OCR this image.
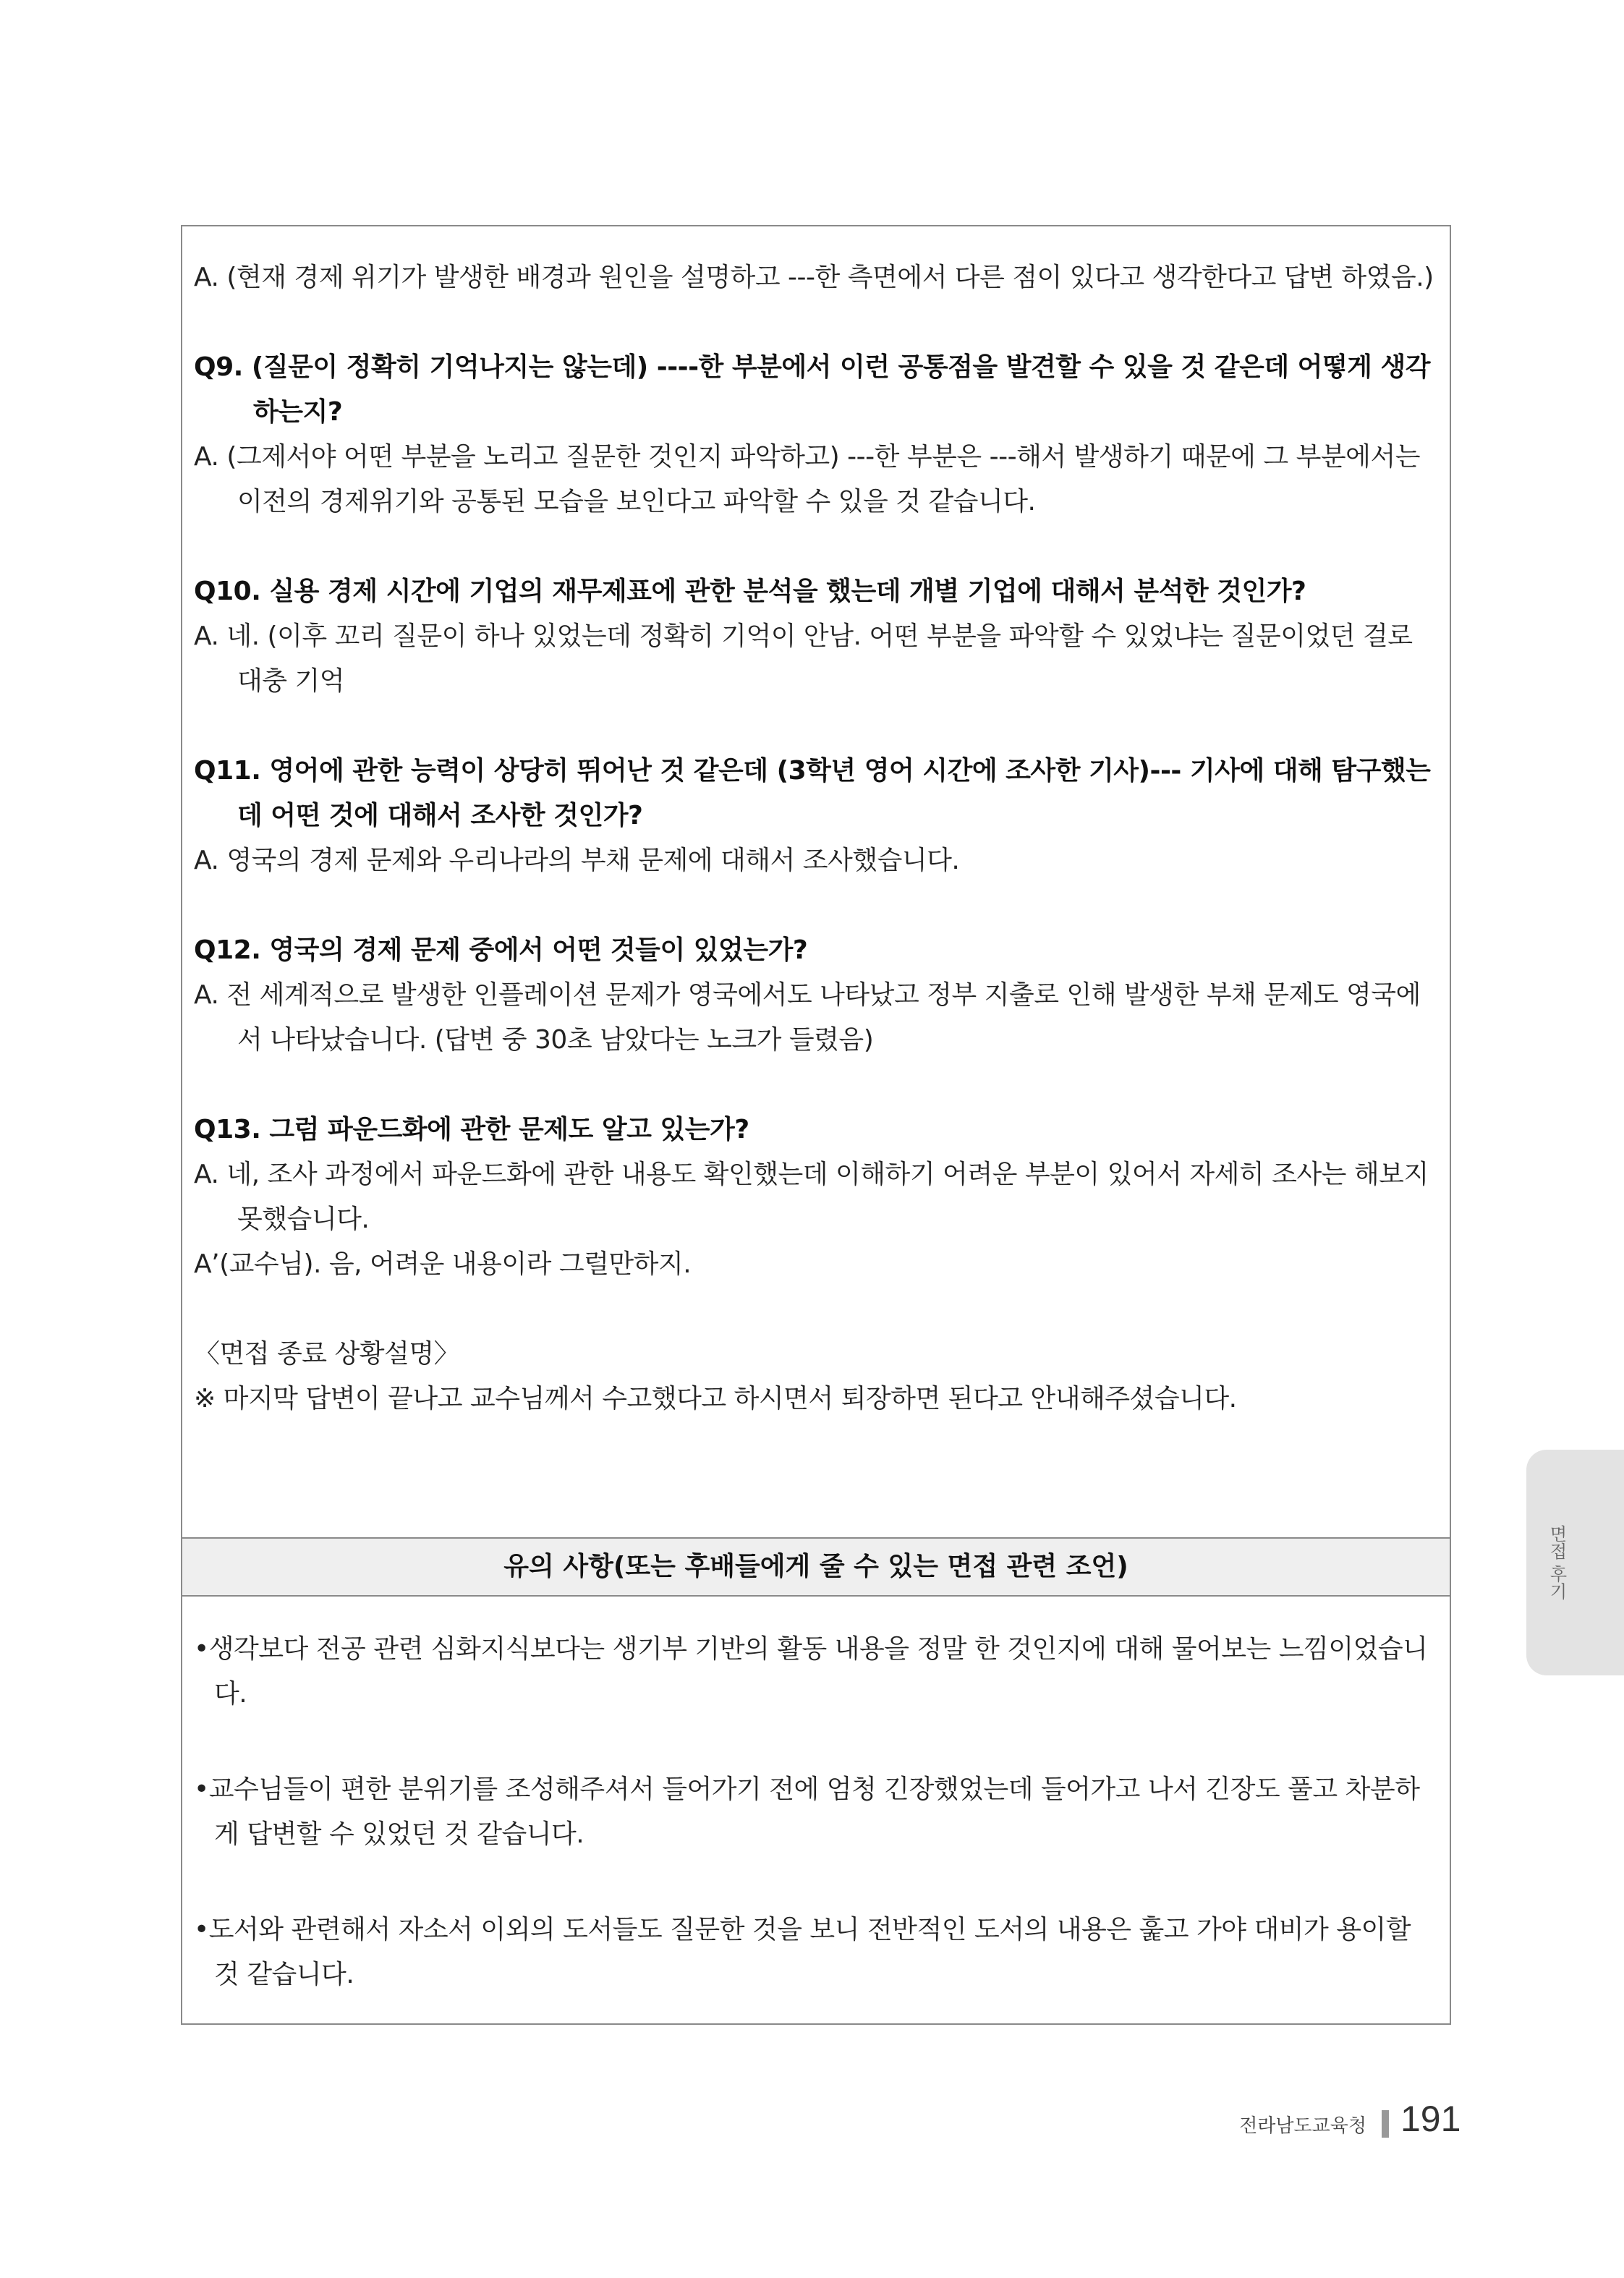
A. (현재 경제 위기가 발생한 배경과 원인을 설명하고 ---한 측면에서 다른 점이 있다고 생각한다고 답변 하였음.)
Q9. (질문이 정확히 기억나지는 않는데) ----한 부분에서 이런 공통점을 발견할 수 있을 것 같은데 어떻게 생각하는지?
A. (그제서야 어떤 부분을 노리고 질문한 것인지 파악하고) ---한 부분은 ---해서 발생하기 때문에 그 부분에서는 이전의 경제위기와 공통된 모습을 보인다고 파악할 수 있을 것 같습니다.
Q10. 실용 경제 시간에 기업의 재무제표에 관한 분석을 했는데 개별 기업에 대해서 분석한 것인가?
A. 네. (이후 꼬리 질문이 하나 있었는데 정확히 기억이 안남. 어떤 부분을 파악할 수 있었냐는 질문이었던 걸로 대충 기억
Q11. 영어에 관한 능력이 상당히 뛰어난 것 같은데 (3학년 영어 시간에 조사한 기사)--- 기사에 대해 탐구했는데 어떤 것에 대해서 조사한 것인가?
A. 영국의 경제 문제와 우리나라의 부채 문제에 대해서 조사했습니다.
Q12. 영국의 경제 문제 중에서 어떤 것들이 있었는가?
A. 전 세계적으로 발생한 인플레이션 문제가 영국에서도 나타났고 정부 지출로 인해 발생한 부채 문제도 영국에서 나타났습니다. (답변 중 30초 남았다는 노크가 들렸음)
Q13. 그럼 파운드화에 관한 문제도 알고 있는가?
A. 네, 조사 과정에서 파운드화에 관한 내용도 확인했는데 이해하기 어려운 부분이 있어서 자세히 조사는 해보지 못했습니다.
A’(교수님). 음, 어려운 내용이라 그럴만하지.
〈면접 종료 상황설명〉
※ 마지막 답변이 끝나고 교수님께서 수고했다고 하시면서 퇴장하면 된다고 안내해주셨습니다.
유의 사항(또는 후배들에게 줄 수 있는 면접 관련 조언)
•생각보다 전공 관련 심화지식보다는 생기부 기반의 활동 내용을 정말 한 것인지에 대해 물어보는 느낌이었습니다.
•교수님들이 편한 분위기를 조성해주셔서 들어가기 전에 엄청 긴장했었는데 들어가고 나서 긴장도 풀고 차분하게 답변할 수 있었던 것 같습니다.
•도서와 관련해서 자소서 이외의 도서들도 질문한 것을 보니 전반적인 도서의 내용은 훑고 가야 대비가 용이할 것 같습니다.
면접 후기
전라남도교육청 191
